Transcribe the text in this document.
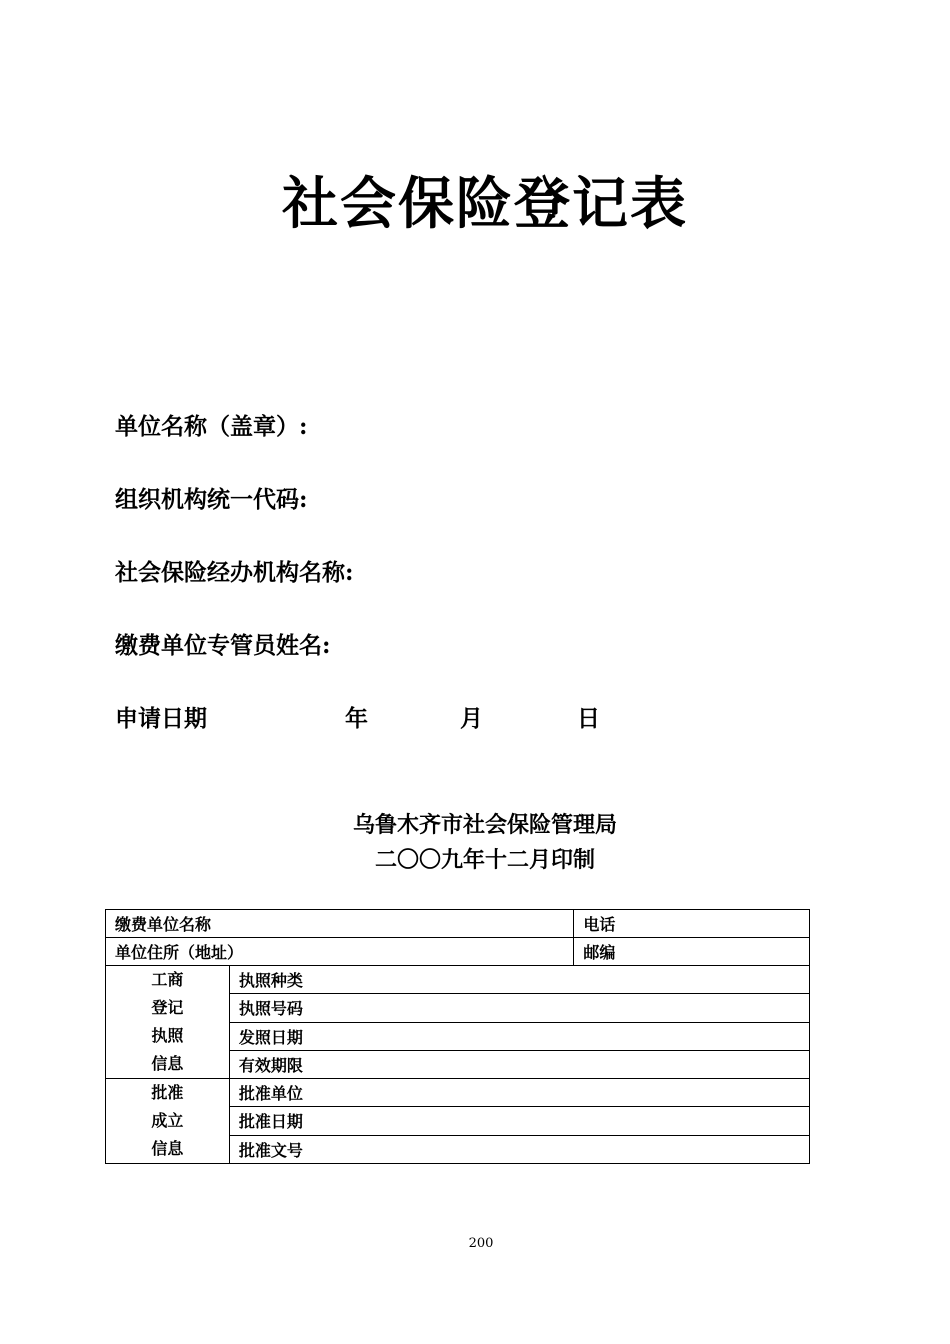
社会保险登记表
单位名称（盖章）:
组织机构统一代码:
社会保险经办机构名称:
缴费单位专管员姓名:
申请日期	年	月	日
乌鲁木齐市社会保险管理局
二〇〇九年十二月印制
缴费单位名称		电话
单位住所（地址）		邮编

工商
登记
执照
信息	执照种类	
	执照号码	
	发照日期	
	有效期限	

批准
成立
信息	批准单位	
	批准日期	
	批准文号	
200
